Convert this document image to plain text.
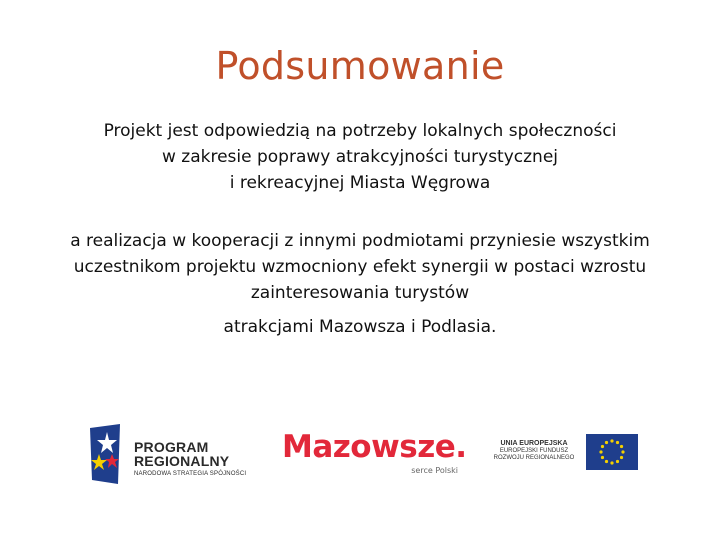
Podsumowanie
Projekt jest odpowiedzią na potrzeby lokalnych społeczności
w zakresie poprawy atrakcyjności turystycznej
i rekreacyjnej Miasta Węgrowa
a realizacja w kooperacji z innymi podmiotami przyniesie wszystkim
uczestnikom projektu wzmocniony efekt synergii w postaci wzrostu
zainteresowania turystów
atrakcjami Mazowsza i Podlasia.
PROGRAM
REGIONALNY
NARODOWA STRATEGIA SPÓJNOŚCI
Mazowsze.
serce Polski
UNIA EUROPEJSKA
EUROPEJSKI FUNDUSZ
ROZWOJU REGIONALNEGO
